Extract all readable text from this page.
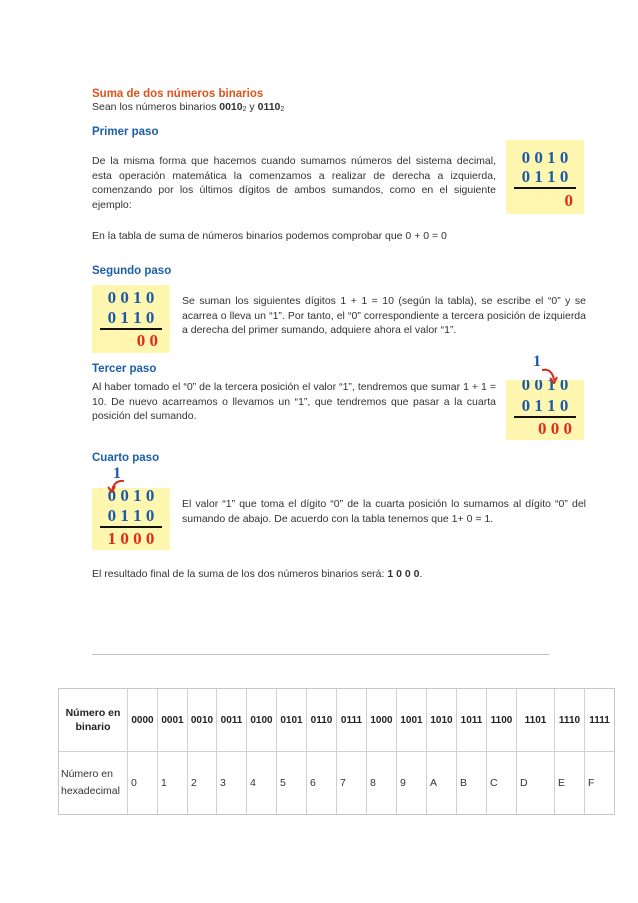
Suma de dos números binarios
Sean los números binarios 00102 y 01102
Primer paso
De la misma forma que hacemos cuando sumamos números del sistema decimal, esta operación matemática la comenzamos a realizar de derecha a izquierda, comenzando por los últimos dígitos de ambos sumandos, como en el siguiente ejemplo:
0 0 1 0
0 1 1 0
0
En la tabla de suma de números binarios podemos comprobar que 0 + 0 = 0
Segundo paso
0 0 1 0
0 1 1 0
0 0
Se suman los siguientes dígitos 1 + 1 = 10 (según la tabla), se escribe el “0” y se acarrea o lleva un “1”. Por tanto, el “0” correspondiente a tercera posición de izquierda a derecha del primer sumando, adquiere ahora el valor “1”.
Tercer paso
Al haber tomado el “0” de la tercera posición el valor “1”, tendremos que sumar 1 + 1 = 10. De nuevo acarreamos o llevamos un “1”, que tendremos que pasar a la cuarta posición del sumando.
0 0 1 0
0 1 1 0
0 0 0
1
Cuarto paso
0 0 1 0
0 1 1 0
1 0 0 0
1
El valor “1” que toma el dígito “0” de la cuarta posición lo sumamos al dígito “0” del sumando de abajo. De acuerdo con la tabla tenemos que 1+ 0 = 1.
El resultado final de la suma de los dos números binarios será: 1 0 0 0.
Número en binario	0000	0001	0010	0011	0100	0101	0110	0111	1000	1001	1010	1011	1100	1101	1110	1111
Número en hexadecimal	0	1	2	3	4	5	6	7	8	9	A	B	C	D	E	F
